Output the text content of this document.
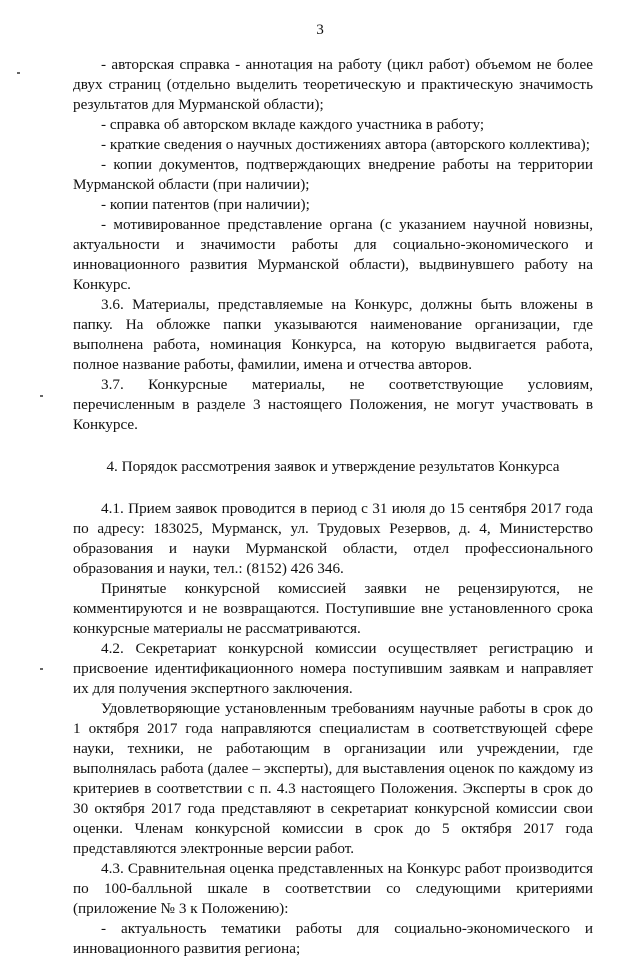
3

- авторская справка - аннотация на работу (цикл работ) объемом не более двух страниц (отдельно выделить теоретическую и практическую значимость результатов для Мурманской области);

- справка об авторском вкладе каждого участника в работу;

- краткие сведения о научных достижениях автора (авторского коллектива);

- копии документов, подтверждающих внедрение работы на территории Мурманской области (при наличии);

- копии патентов (при наличии);

- мотивированное представление органа (с указанием научной новизны, актуальности и значимости работы для социально-экономического и инновационного развития Мурманской области), выдвинувшего работу на Конкурс.

3.6. Материалы, представляемые на Конкурс, должны быть вложены в папку. На обложке папки указываются наименование организации, где выполнена работа, номинация Конкурса, на которую выдвигается работа, полное название работы, фамилии, имена и отчества авторов.

3.7. Конкурсные материалы, не соответствующие условиям, перечисленным в разделе 3 настоящего Положения, не могут участвовать в Конкурсе.

4. Порядок рассмотрения заявок и утверждение результатов Конкурса

4.1. Прием заявок проводится в период с 31 июля до 15 сентября 2017 года по адресу: 183025, Мурманск, ул. Трудовых Резервов, д. 4, Министерство образования и науки Мурманской области, отдел профессионального образования и науки, тел.: (8152) 426 346.

Принятые конкурсной комиссией заявки не рецензируются, не комментируются и не возвращаются. Поступившие вне установленного срока конкурсные материалы не рассматриваются.

4.2. Секретариат конкурсной комиссии осуществляет регистрацию и присвоение идентификационного номера поступившим заявкам и направляет их для получения экспертного заключения.

Удовлетворяющие установленным требованиям научные работы в срок до 1 октября 2017 года направляются специалистам в соответствующей сфере науки, техники, не работающим в организации или учреждении, где выполнялась работа (далее – эксперты), для выставления оценок по каждому из критериев в соответствии с п. 4.3 настоящего Положения. Эксперты в срок до 30 октября 2017 года представляют в секретариат конкурсной комиссии свои оценки. Членам конкурсной комиссии в срок до 5 октября 2017 года представляются электронные версии работ.

4.3. Сравнительная оценка представленных на Конкурс работ производится по 100-балльной шкале в соответствии со следующими критериями (приложение № 3 к Положению):

- актуальность тематики работы для социально-экономического и инновационного развития региона;
